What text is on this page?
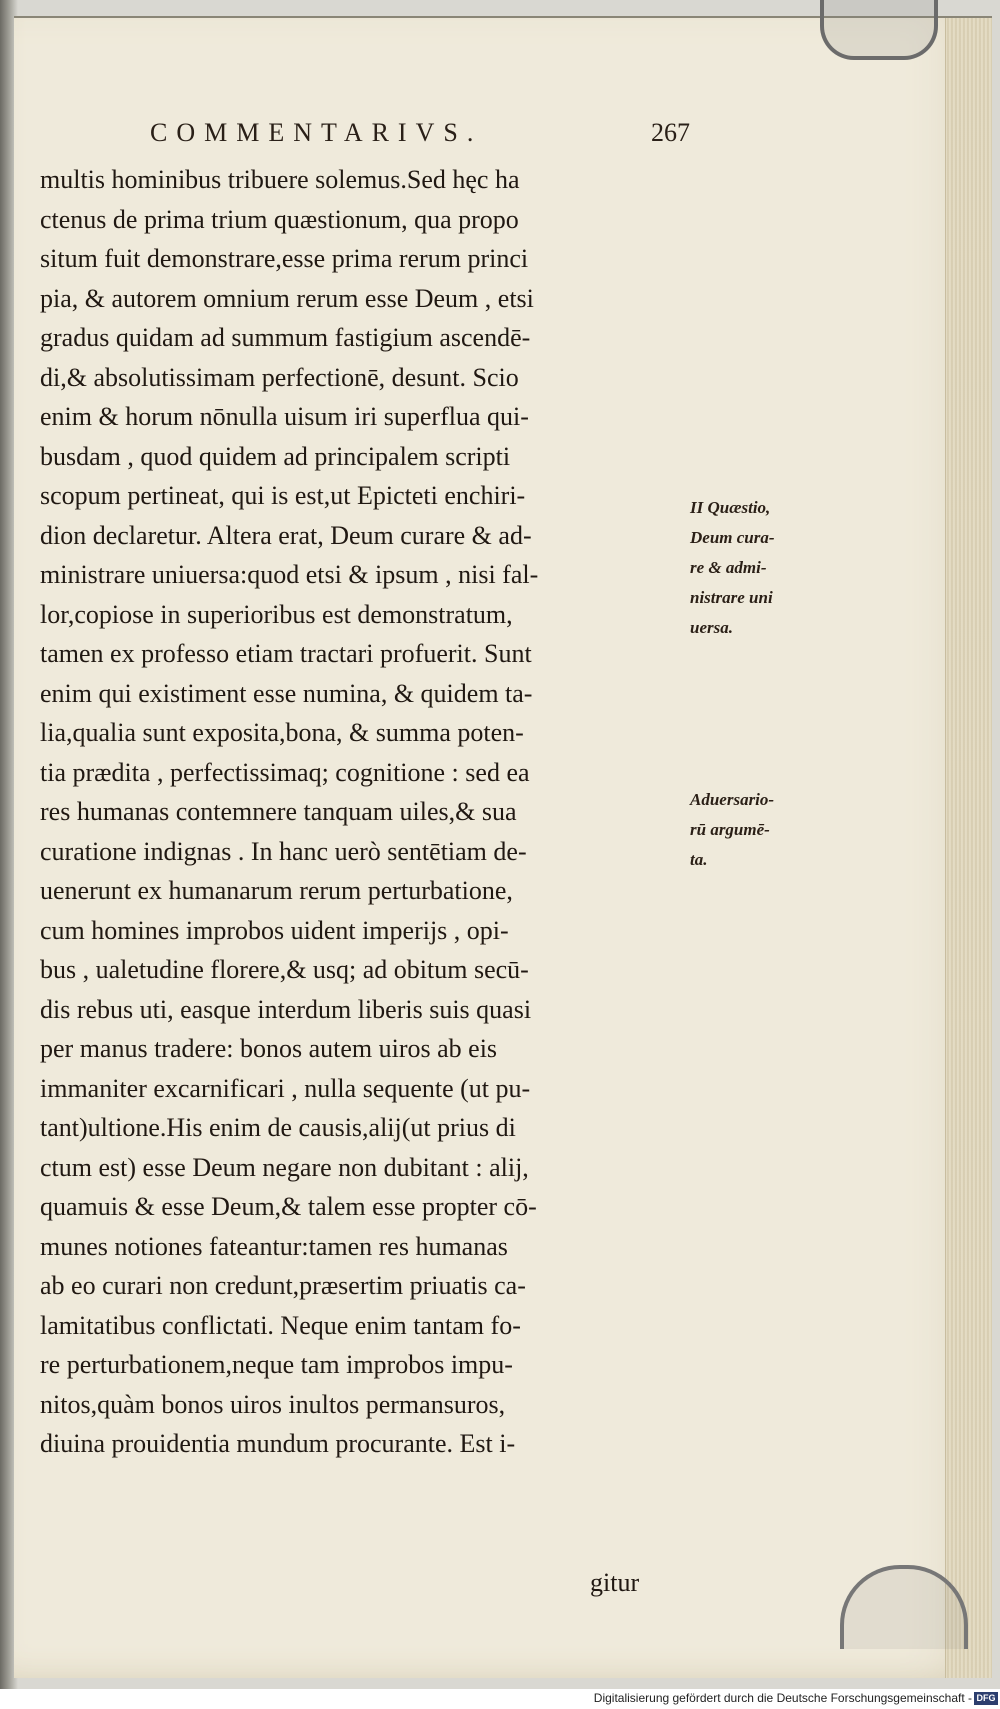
COMMENTARIVS.	267
multis hominibus tribuere solemus.Sed hęc ha
ctenus de prima trium quæstionum, qua propo
situm fuit demonstrare,esse prima rerum princi
pia, & autorem omnium rerum esse Deum , etsi
gradus quidam ad summum fastigium ascendē-
di,& absolutissimam perfectionē, desunt. Scio
enim & horum nōnulla uisum iri superflua qui-
busdam , quod quidem ad principalem scripti
scopum pertineat, qui is est,ut Epicteti enchiri-
dion declaretur. Altera erat, Deum curare & ad-
ministrare uniuersa:quod etsi & ipsum , nisi fal-
lor,copiose in superioribus est demonstratum,
tamen ex professo etiam tractari profuerit. Sunt
enim qui existiment esse numina, & quidem ta-
lia,qualia sunt exposita,bona, & summa poten-
tia prædita , perfectissimaq; cognitione : sed ea
res humanas contemnere tanquam uiles,& sua
curatione indignas . In hanc uerò sentētiam de-
uenerunt ex humanarum rerum perturbatione,
cum homines improbos uident imperijs , opi-
bus , ualetudine florere,& usq; ad obitum secū-
dis rebus uti, easque interdum liberis suis quasi
per manus tradere: bonos autem uiros ab eis
immaniter excarnificari , nulla sequente (ut pu-
tant)ultione.His enim de causis,alij(ut prius di
ctum est) esse Deum negare non dubitant : alij,
quamuis & esse Deum,& talem esse propter cō-
munes notiones fateantur:tamen res humanas
ab eo curari non credunt,præsertim priuatis ca-
lamitatibus conflictati. Neque enim tantam fo-
re perturbationem,neque tam improbos impu-
nitos,quàm bonos uiros inultos permansuros,
diuina prouidentia mundum procurante. Est i-
gitur
II Quæstio,
Deum cura-
re & admi-
nistrare uni
uersa.
Aduersario-
rū argumē-
ta.
Digitalisierung gefördert durch die Deutsche Forschungsgemeinschaft - DFG
